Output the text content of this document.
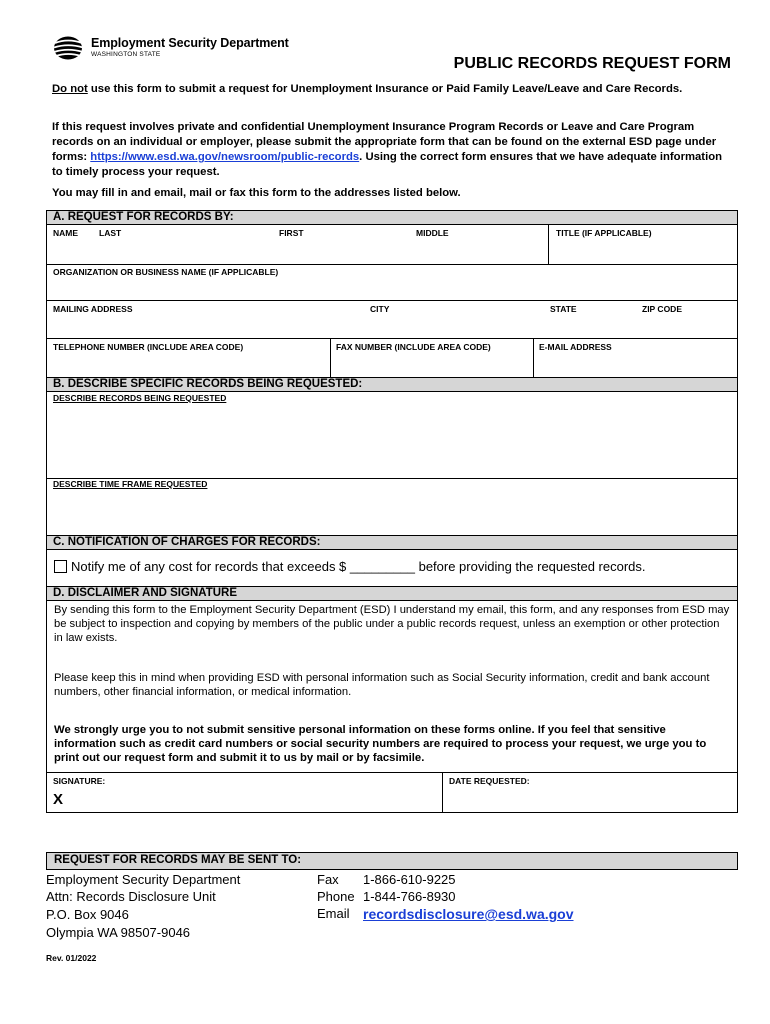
Employment Security Department
WASHINGTON STATE
PUBLIC RECORDS REQUEST FORM
Do not use this form to submit a request for Unemployment Insurance or Paid Family Leave/Leave and Care Records.
If this request involves private and confidential Unemployment Insurance Program Records or Leave and Care Program records on an individual or employer, please submit the appropriate form that can be found on the external ESD page under forms: https://www.esd.wa.gov/newsroom/public-records. Using the correct form ensures that we have adequate information to timely process your request.
You may fill in and email, mail or fax this form to the addresses listed below.
A. REQUEST FOR RECORDS BY:
NAME LAST	FIRST	MIDDLE	TITLE (IF APPLICABLE)
ORGANIZATION OR BUSINESS NAME (IF APPLICABLE)
MAILING ADDRESS	CITY	STATE	ZIP CODE
TELEPHONE NUMBER (INCLUDE AREA CODE)	FAX NUMBER (INCLUDE AREA CODE)	E-MAIL ADDRESS
B. DESCRIBE SPECIFIC RECORDS BEING REQUESTED:
DESCRIBE RECORDS BEING REQUESTED
DESCRIBE TIME FRAME REQUESTED
C. NOTIFICATION OF CHARGES FOR RECORDS:
Notify me of any cost for records that exceeds $ _________ before providing the requested records.
D. DISCLAIMER AND SIGNATURE
By sending this form to the Employment Security Department (ESD) I understand my email, this form, and any responses from ESD may be subject to inspection and copying by members of the public under a public records request, unless an exemption or other protection in law exists.
Please keep this in mind when providing ESD with personal information such as Social Security information, credit and bank account numbers, other financial information, or medical information.
We strongly urge you to not submit sensitive personal information on these forms online. If you feel that sensitive information such as credit card numbers or social security numbers are required to process your request, we urge you to print out our request form and submit it to us by mail or by facsimile.
SIGNATURE:
X
DATE REQUESTED:
REQUEST FOR RECORDS MAY BE SENT TO:
Employment Security Department
Attn: Records Disclosure Unit
P.O. Box 9046
Olympia WA 98507-9046
Fax 1-866-610-9225
Phone 1-844-766-8930
Email recordsdisclosure@esd.wa.gov
Rev. 01/2022
